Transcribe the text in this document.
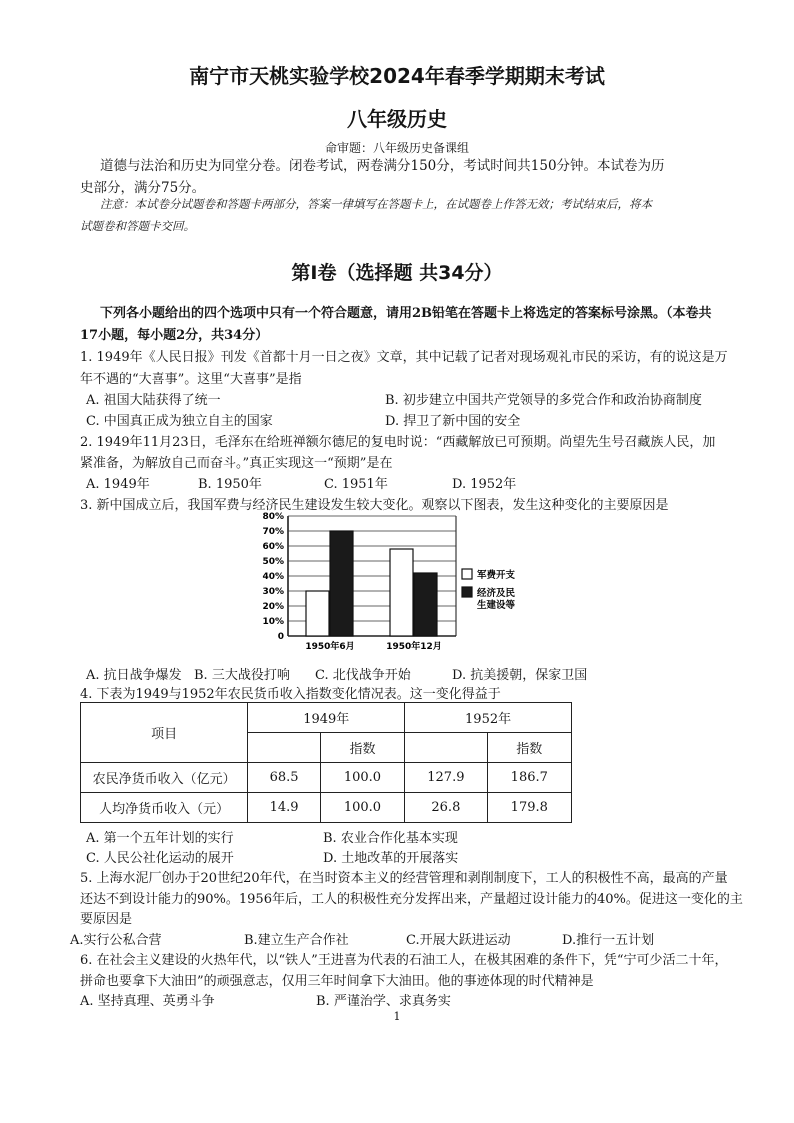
南宁市天桃实验学校2024年春季学期期末考试
八年级历史
命审题：八年级历史备课组
道德与法治和历史为同堂分卷。闭卷考试，两卷满分150分，考试时间共150分钟。本试卷为历
史部分，满分75分。
注意：本试卷分试题卷和答题卡两部分，答案一律填写在答题卡上，在试题卷上作答无效；考试结束后，将本
试题卷和答题卡交回。
第Ⅰ卷（选择题 共34分）
下列各小题给出的四个选项中只有一个符合题意，请用2B铅笔在答题卡上将选定的答案标号涂黑。（本卷共
17小题，每小题2分，共34分）
1. 1949年《人民日报》刊发《首都十月一日之夜》文章，其中记载了记者对现场观礼市民的采访，有的说这是万
年不遇的“大喜事”。这里“大喜事”是指
A. 祖国大陆获得了统一	B. 初步建立中国共产党领导的多党合作和政治协商制度
C. 中国真正成为独立自主的国家	D. 捍卫了新中国的安全
2. 1949年11月23日，毛泽东在给班禅额尔德尼的复电时说：“西藏解放已可预期。尚望先生号召藏族人民，加
紧准备，为解放自己而奋斗。”真正实现这一“预期”是在
A. 1949年	B. 1950年	C. 1951年	D. 1952年
3. 新中国成立后，我国军费与经济民生建设发生较大变化。观察以下图表，发生这种变化的主要原因是
0
10%
20%
30%
40%
50%
60%
70%
80%
1950年6月	1950年12月
军费开支
经济及民
生建设等
A. 抗日战争爆发 B. 三大战役打响 C. 北伐战争开始	D. 抗美援朝，保家卫国
4. 下表为1949与1952年农民货币收入指数变化情况表。这一变化得益于
项目	1949年		1952年	
		指数		指数
农民净货币收入（亿元）	68.5	100.0	127.9	186.7
人均净货币收入（元）	14.9	100.0	26.8	179.8
A. 第一个五年计划的实行	B. 农业合作化基本实现
C. 人民公社化运动的展开	D. 土地改革的开展落实
5. 上海水泥厂创办于20世纪20年代，在当时资本主义的经营管理和剥削制度下，工人的积极性不高，最高的产量
还达不到设计能力的90%。1956年后，工人的积极性充分发挥出来，产量超过设计能力的40%。促进这一变化的主
要原因是
A.实行公私合营	B.建立生产合作社	C.开展大跃进运动	D.推行一五计划
6. 在社会主义建设的火热年代，以“铁人”王进喜为代表的石油工人，在极其困难的条件下，凭“宁可少活二十年，
拼命也要拿下大油田”的顽强意志，仅用三年时间拿下大油田。他的事迹体现的时代精神是
A. 坚持真理、英勇斗争	B. 严谨治学、求真务实
1
